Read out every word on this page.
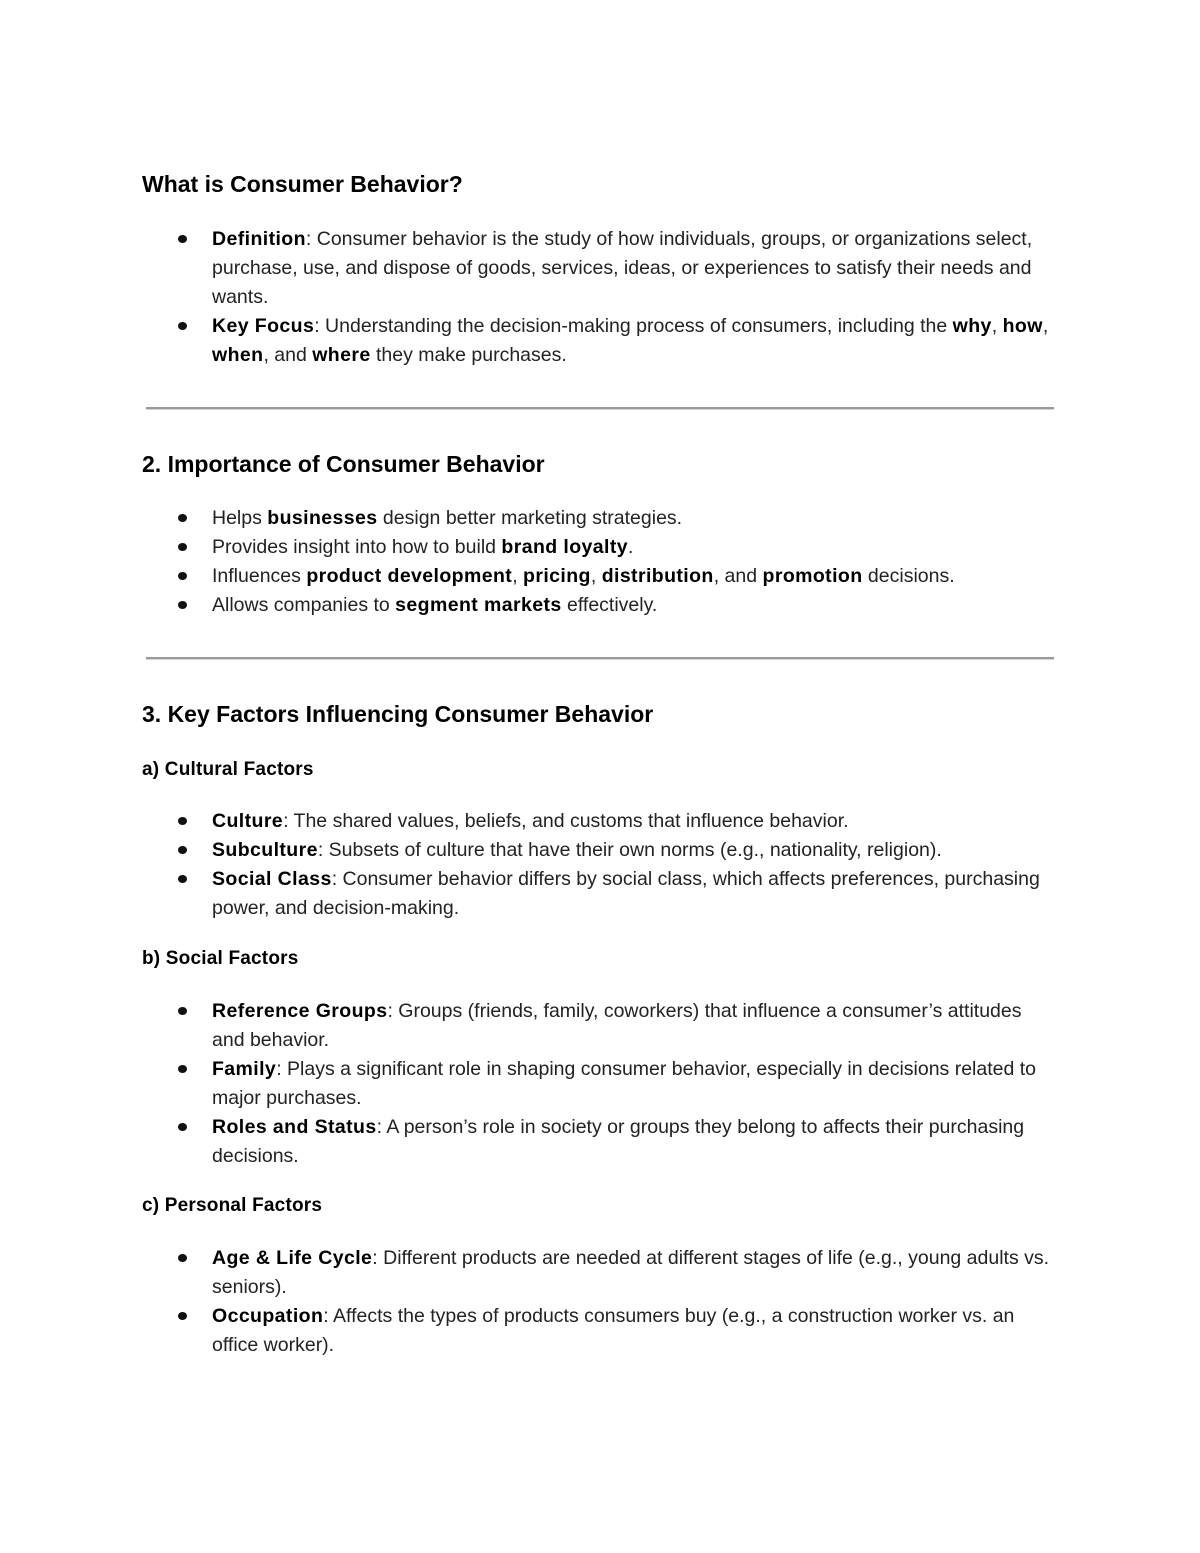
What is Consumer Behavior?
Definition: Consumer behavior is the study of how individuals, groups, or organizations select, purchase, use, and dispose of goods, services, ideas, or experiences to satisfy their needs and wants.
Key Focus: Understanding the decision-making process of consumers, including the why, how, when, and where they make purchases.
2. Importance of Consumer Behavior
Helps businesses design better marketing strategies.
Provides insight into how to build brand loyalty.
Influences product development, pricing, distribution, and promotion decisions.
Allows companies to segment markets effectively.
3. Key Factors Influencing Consumer Behavior
a) Cultural Factors
Culture: The shared values, beliefs, and customs that influence behavior.
Subculture: Subsets of culture that have their own norms (e.g., nationality, religion).
Social Class: Consumer behavior differs by social class, which affects preferences, purchasing power, and decision-making.
b) Social Factors
Reference Groups: Groups (friends, family, coworkers) that influence a consumer’s attitudes and behavior.
Family: Plays a significant role in shaping consumer behavior, especially in decisions related to major purchases.
Roles and Status: A person’s role in society or groups they belong to affects their purchasing decisions.
c) Personal Factors
Age & Life Cycle: Different products are needed at different stages of life (e.g., young adults vs. seniors).
Occupation: Affects the types of products consumers buy (e.g., a construction worker vs. an office worker).
